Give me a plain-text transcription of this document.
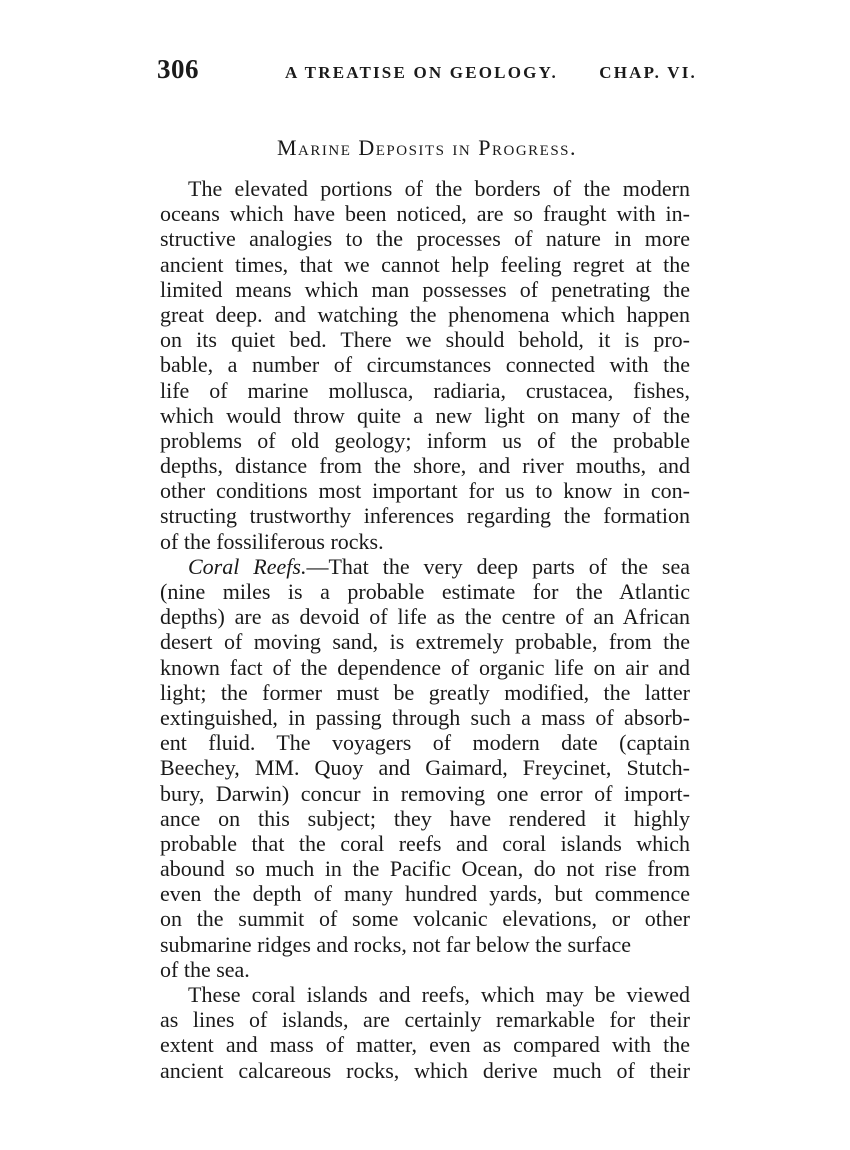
306	A TREATISE ON GEOLOGY. CHAP. VI.
Marine Deposits in Progress.
The elevated portions of the borders of the modern
oceans which have been noticed, are so fraught with in-
structive analogies to the processes of nature in more
ancient times, that we cannot help feeling regret at the
limited means which man possesses of penetrating the
great deep. and watching the phenomena which happen
on its quiet bed. There we should behold, it is pro-
bable, a number of circumstances connected with the
life of marine mollusca, radiaria, crustacea, fishes,
which would throw quite a new light on many of the
problems of old geology; inform us of the probable
depths, distance from the shore, and river mouths, and
other conditions most important for us to know in con-
structing trustworthy inferences regarding the formation
of the fossiliferous rocks.
Coral Reefs.—That the very deep parts of the sea
(nine miles is a probable estimate for the Atlantic
depths) are as devoid of life as the centre of an African
desert of moving sand, is extremely probable, from the
known fact of the dependence of organic life on air and
light; the former must be greatly modified, the latter
extinguished, in passing through such a mass of absorb-
ent fluid. The voyagers of modern date (captain
Beechey, MM. Quoy and Gaimard, Freycinet, Stutch-
bury, Darwin) concur in removing one error of import-
ance on this subject; they have rendered it highly
probable that the coral reefs and coral islands which
abound so much in the Pacific Ocean, do not rise from
even the depth of many hundred yards, but commence
on the summit of some volcanic elevations, or other
submarine ridges and rocks, not far below the surface
of the sea.
These coral islands and reefs, which may be viewed
as lines of islands, are certainly remarkable for their
extent and mass of matter, even as compared with the
ancient calcareous rocks, which derive much of their
